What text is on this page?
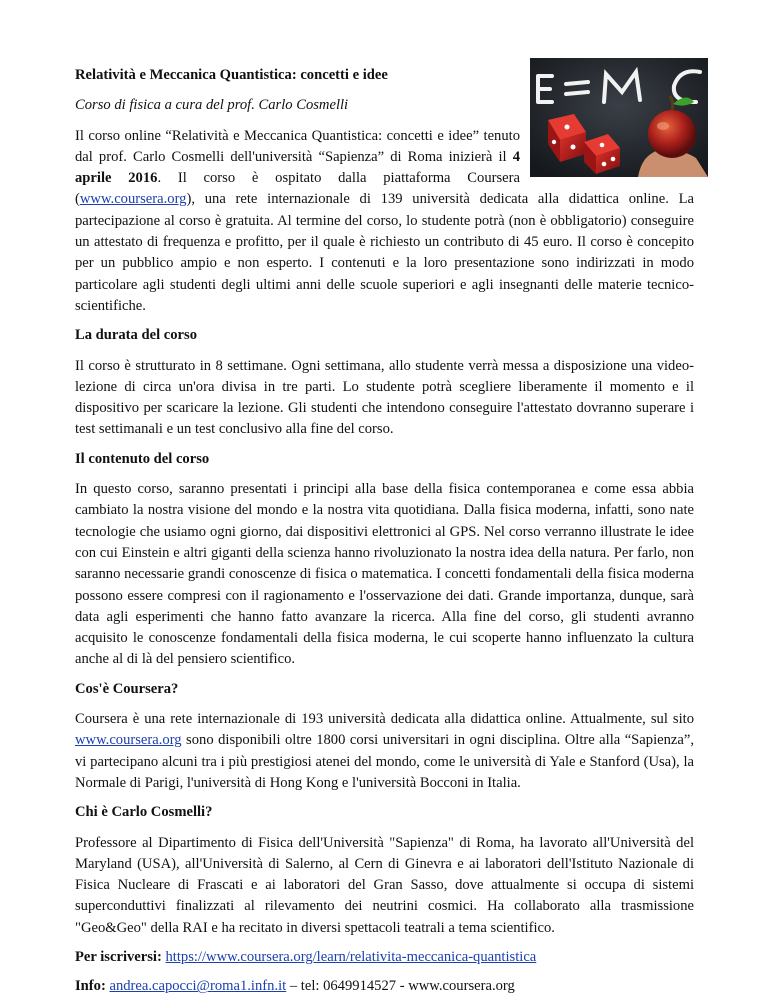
Relatività e Meccanica Quantistica: concetti e idee

Corso di fisica a cura del prof. Carlo Cosmelli

Il corso online “Relatività e Meccanica Quantistica: concetti e idee” tenuto dal prof. Carlo Cosmelli dell'università “Sapienza” di Roma inizierà il 4 aprile 2016. Il corso è ospitato dalla piattaforma Coursera (www.coursera.org), una rete internazionale di 139 università dedicata alla didattica online. La partecipazione al corso è gratuita. Al termine del corso, lo studente potrà (non è obbligatorio) conseguire un attestato di frequenza e profitto, per il quale è richiesto un contributo di 45 euro. Il corso è concepito per un pubblico ampio e non esperto. I contenuti e la loro presentazione sono indirizzati in modo particolare agli studenti degli ultimi anni delle scuole superiori e agli insegnanti delle materie tecnico-scientifiche.

La durata del corso

Il corso è strutturato in 8 settimane. Ogni settimana, allo studente verrà messa a disposizione una video-lezione di circa un'ora divisa in tre parti. Lo studente potrà scegliere liberamente il momento e il dispositivo per scaricare la lezione. Gli studenti che intendono conseguire l'attestato dovranno superare i test settimanali e un test conclusivo alla fine del corso.

Il contenuto del corso

In questo corso, saranno presentati i principi alla base della fisica contemporanea e come essa abbia cambiato la nostra visione del mondo e la nostra vita quotidiana. Dalla fisica moderna, infatti, sono nate tecnologie che usiamo ogni giorno, dai dispositivi elettronici al GPS. Nel corso verranno illustrate le idee con cui Einstein e altri giganti della scienza hanno rivoluzionato la nostra idea della natura. Per farlo, non saranno necessarie grandi conoscenze di fisica o matematica. I concetti fondamentali della fisica moderna possono essere compresi con il ragionamento e l'osservazione dei dati. Grande importanza, dunque, sarà data agli esperimenti che hanno fatto avanzare la ricerca. Alla fine del corso, gli studenti avranno acquisito le conoscenze fondamentali della fisica moderna, le cui scoperte hanno influenzato la cultura anche al di là del pensiero scientifico.

Cos'è Coursera?

Coursera è una rete internazionale di 193 università dedicata alla didattica online. Attualmente, sul sito www.coursera.org sono disponibili oltre 1800 corsi universitari in ogni disciplina. Oltre alla “Sapienza”, vi partecipano alcuni tra i più prestigiosi atenei del mondo, come le università di Yale e Stanford (Usa), la Normale di Parigi, l'università di Hong Kong e l'università Bocconi in Italia.

Chi è Carlo Cosmelli?

Professore al Dipartimento di Fisica dell'Università "Sapienza" di Roma, ha lavorato all'Università del Maryland (USA), all'Università di Salerno, al Cern di Ginevra e ai laboratori dell'Istituto Nazionale di Fisica Nucleare di Frascati e ai laboratori del Gran Sasso, dove attualmente si occupa di sistemi superconduttivi finalizzati al rilevamento dei neutrini cosmici. Ha collaborato alla trasmissione "Geo&Geo" della RAI e ha recitato in diversi spettacoli teatrali a tema scientifico.

Per iscriversi: https://www.coursera.org/learn/relativita-meccanica-quantistica

Info: andrea.capocci@roma1.infn.it – tel: 0649914527 - www.coursera.org
